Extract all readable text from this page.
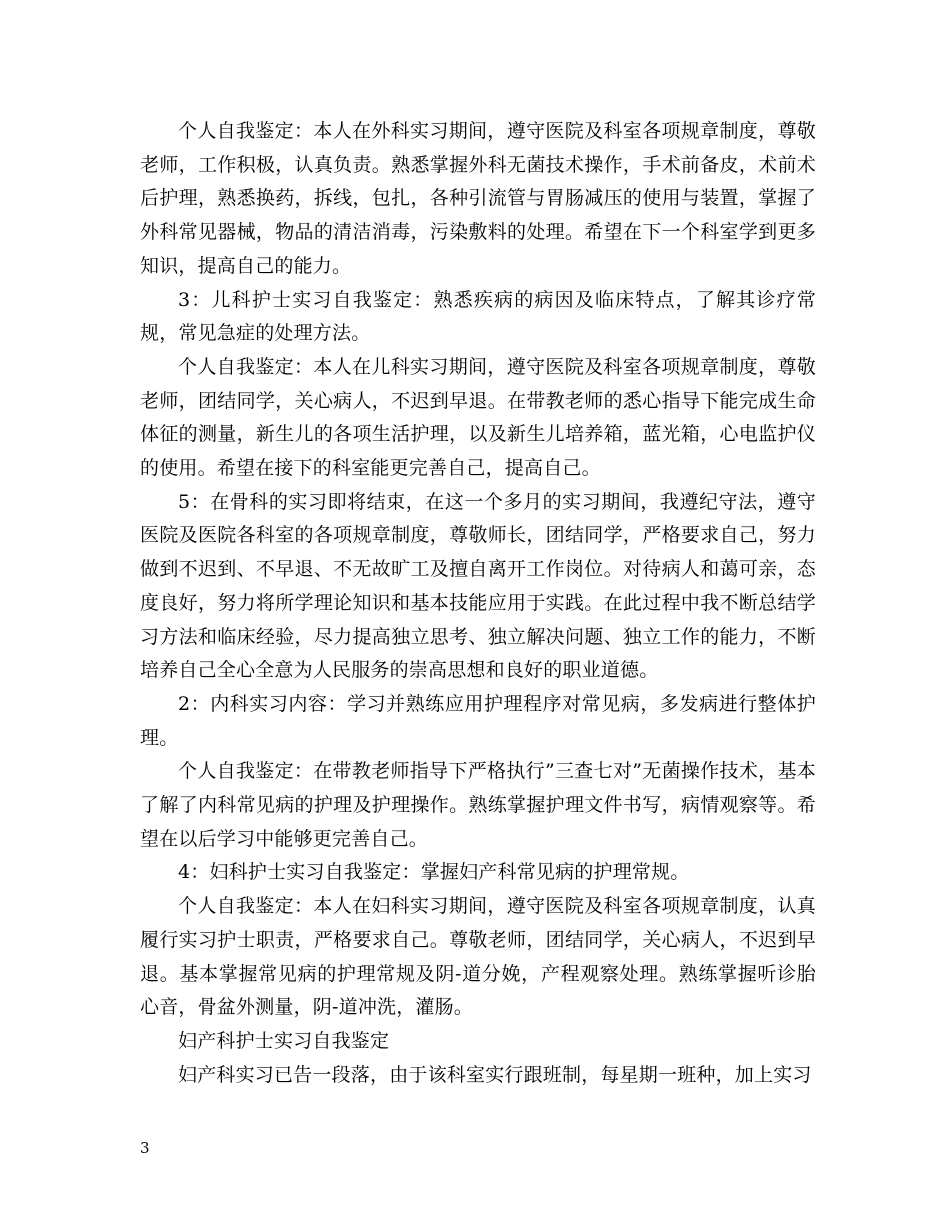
个人自我鉴定：本人在外科实习期间，遵守医院及科室各项规章制度，尊敬老师，工作积极，认真负责。熟悉掌握外科无菌技术操作，手术前备皮，术前术后护理，熟悉换药，拆线，包扎，各种引流管与胃肠减压的使用与装置，掌握了外科常见器械，物品的清洁消毒，污染敷料的处理。希望在下一个科室学到更多知识，提高自己的能力。

3：儿科护士实习自我鉴定：熟悉疾病的病因及临床特点，了解其诊疗常规，常见急症的处理方法。

个人自我鉴定：本人在儿科实习期间，遵守医院及科室各项规章制度，尊敬老师，团结同学，关心病人，不迟到早退。在带教老师的悉心指导下能完成生命体征的测量，新生儿的各项生活护理，以及新生儿培养箱，蓝光箱，心电监护仪的使用。希望在接下的科室能更完善自己，提高自己。

5：在骨科的实习即将结束，在这一个多月的实习期间，我遵纪守法，遵守医院及医院各科室的各项规章制度，尊敬师长，团结同学，严格要求自己，努力做到不迟到、不早退、不无故旷工及擅自离开工作岗位。对待病人和蔼可亲，态度良好，努力将所学理论知识和基本技能应用于实践。在此过程中我不断总结学习方法和临床经验，尽力提高独立思考、独立解决问题、独立工作的能力，不断培养自己全心全意为人民服务的崇高思想和良好的职业道德。

2：内科实习内容：学习并熟练应用护理程序对常见病，多发病进行整体护理。

个人自我鉴定：在带教老师指导下严格执行”三查七对”无菌操作技术，基本了解了内科常见病的护理及护理操作。熟练掌握护理文件书写，病情观察等。希望在以后学习中能够更完善自己。

4：妇科护士实习自我鉴定：掌握妇产科常见病的护理常规。

个人自我鉴定：本人在妇科实习期间，遵守医院及科室各项规章制度，认真履行实习护士职责，严格要求自己。尊敬老师，团结同学，关心病人，不迟到早退。基本掌握常见病的护理常规及阴-道分娩，产程观察处理。熟练掌握听诊胎心音，骨盆外测量，阴-道冲洗，灌肠。

妇产科护士实习自我鉴定

妇产科实习已告一段落，由于该科室实行跟班制，每星期一班种，加上实习

3
